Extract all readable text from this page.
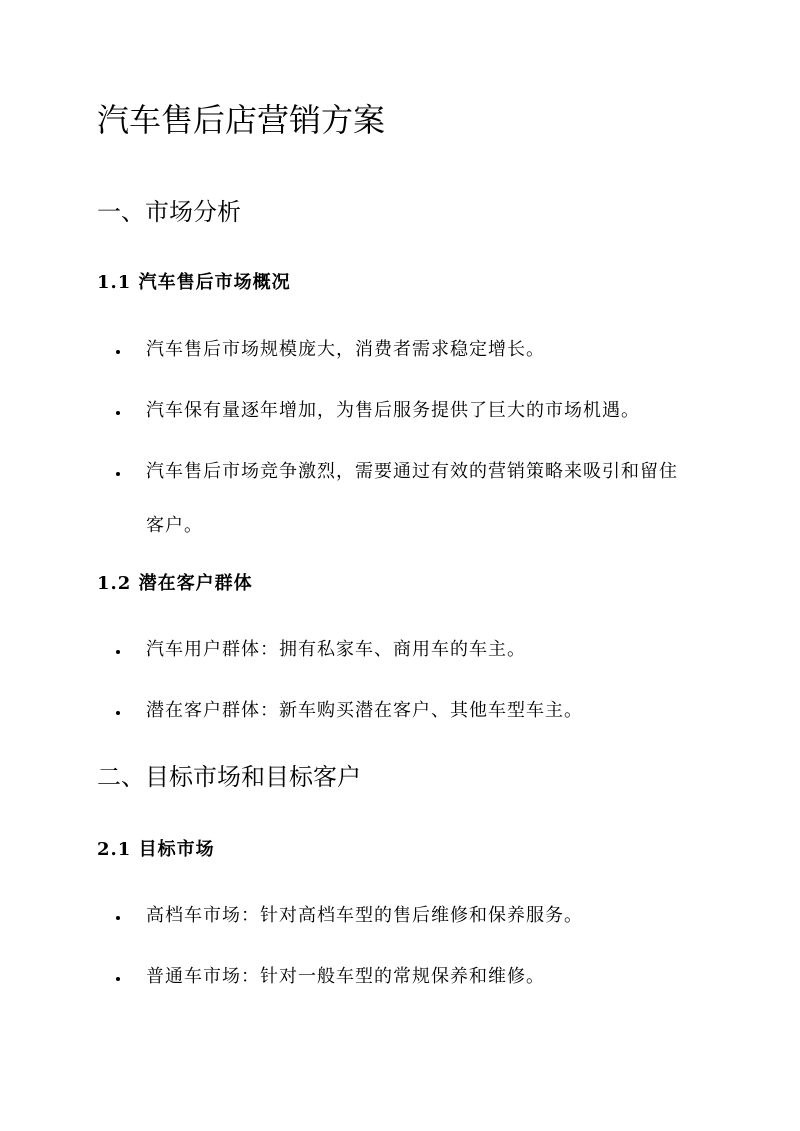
汽车售后店营销方案
一、市场分析
1.1 汽车售后市场概况
汽车售后市场规模庞大，消费者需求稳定增长。
汽车保有量逐年增加，为售后服务提供了巨大的市场机遇。
汽车售后市场竞争激烈，需要通过有效的营销策略来吸引和留住客户。
1.2 潜在客户群体
汽车用户群体：拥有私家车、商用车的车主。
潜在客户群体：新车购买潜在客户、其他车型车主。
二、目标市场和目标客户
2.1 目标市场
高档车市场：针对高档车型的售后维修和保养服务。
普通车市场：针对一般车型的常规保养和维修。
